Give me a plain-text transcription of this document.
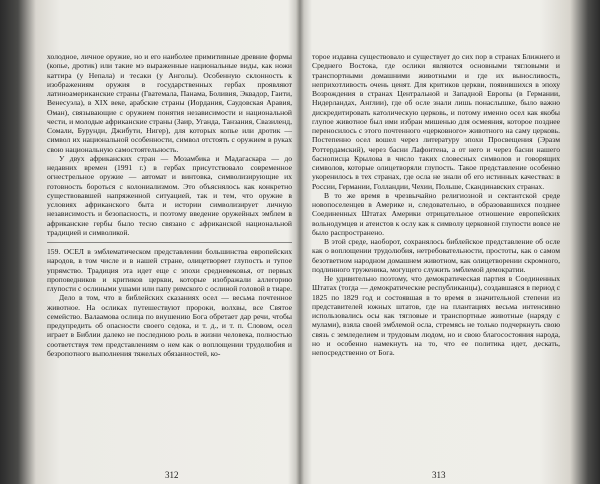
холодное, личное оружие, но и его наиболее примитивные древние формы (копье, дротик) или такие мэ выраженные национальные виды, как ножи каттира (у Непала) и тесаки (у Анголы). Особенную склонность к изображениям оружия в государственных гербах проявляют латиноамериканские страны (Гватемала, Панама, Боливия, Эквадор, Гаити, Венесуэла), в XIX веке, арабские страны (Иордания, Саудовская Аравия, Оман), связывающие с оружием понятия независимости и национальной чести, и молодые африканские страны (Заир, Уганда, Танзания, Свазиленд, Сомали, Бурунди, Джибути, Нигер), для которых копье или дротик — символ их национальной особенности, символ отстоять с оружием в руках свою национальную самостоятельность.

У двух африканских стран — Мозамбика и Мадагаскара — до недавних времен (1991 г.) в гербах присутствовало современное огнестрельное оружие — автомат и винтовка, символизирующие их готовность бороться с колониализмом. Это объяснялось как конкретно существовавшей напряженной ситуацией, так и тем, что оружие в условиях африканского быта и истории символизирует личную независимость и безопасность, и поэтому введение оружейных эмблем в африканские гербы было тесно связано с африканской национальной традицией и символикой.

159. ОСЕЛ в эмблематическом представлении большинства европейских народов, в том числе и в нашей стране, олицетворяет глупость и тупое упрямство. Традиция эта идет еще с эпохи средневековья, от первых проповедников и критиков церкви, которые изображали аллегорию глупости с ослиными ушами или папу римского с ослиной головой в тиаре.

Дело в том, что в библейских сказаниях осел — весьма почтенное животное. На осликах путешествуют пророки, волхвы, все Святое семейство. Валаамова ослица по внушению Бога обретает дар речи, чтобы предупредить об опасности своего седока, и т. д., и т. п. Словом, осел играет в Библии далеко не последнюю роль в жизни человека, полностью соответствуя тем представлениям о нем как о воплощении трудолюбия и безропотного выполнения тяжелых обязанностей, ко-

торое издавна существовало и существует до сих пор в странах Ближнего и Среднего Востока, где ослики являются основными тягловыми и транспортными домашними животными и где их выносливость, неприхотливость очень ценят. Для критиков церкви, появившихся в эпоху Возрождения в странах Центральной и Западной Европы (в Германии, Нидерландах, Англии), где об осле знали лишь понаслышке, было важно дискредитировать католическую церковь, и потому именно осел как якобы глупое животное был ими избран мишенью для осмеяния, которое позднее переносилось с этого почтенного «церковного» животного на саму церковь. Постепенно осел вошел через литературу эпохи Просвещения (Эразм Роттердамский), через басни Лафонтена, а от него и через басни нашего баснописца Крылова в число таких словесных символов и говорящих символов, которые олицетворяли глупость. Такое представление особенно укоренилось в тех странах, где осла не знали об его истинных качествах: в России, Германии, Голландии, Чехии, Польше, Скандинавских странах.

В то же время в чрезвычайно религиозной и сектантской среде новопоселенцев в Америке и, следовательно, в образовавшихся позднее Соединенных Штатах Америки отрицательное отношение европейских вольнодумцев и атеистов к ослу как к символу церковной глупости вовсе не было распространено.

В этой среде, наоборот, сохранялось библейское представление об осле как о воплощении трудолюбия, нетребовательности, простоты, как о самом безответном народном домашнем животном, как олицетворении скромного, подлинного труженика, могущего служить эмблемой демократии.

Не удивительно поэтому, что демократическая партия в Соединенных Штатах (тогда — демократические республиканцы), создавшаяся в период с 1825 по 1829 год и состоявшая в то время в значительной степени из представителей южных штатов, где на плантациях весьма интенсивно использовались осы как тягловые и транспортные животные (наряду с мулами), взяла своей эмблемой осла, стремясь не только подчеркнуть свою связь с земледелием и трудовым людом, но и свою благосостояния народа, но и особенно намекнуть на то, что ее политика идет, дескать, непосредственно от Бога.

312	313
